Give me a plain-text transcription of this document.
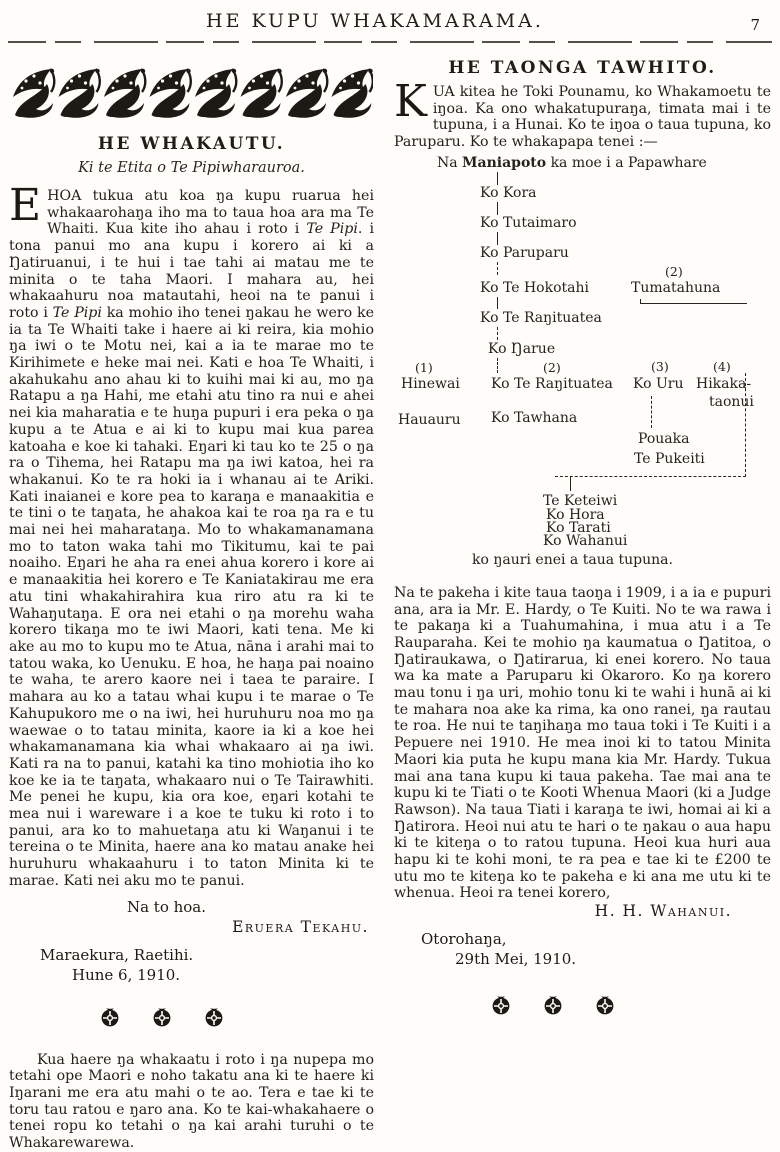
HE KUPU WHAKAMARAMA.	7
HE WHAKAUTU.
Ki te Etita o Te Pipiwharauroa.

EHOA tukua atu koa ŋa kupu ruarua hei whakaarohaŋa iho ma to taua hoa ara ma Te Whaiti. Kua kite iho ahau i roto i Te Pipi. i tona panui mo ana kupu i korero ai ki a Ŋatiruanui, i te hui i tae tahi ai matau me te minita o te taha Maori. I mahara au, hei whakaahuru noa matautahi, heoi na te panui i roto i Te Pipi ka mohio iho tenei ŋakau he wero ke ia ta Te Whaiti take i haere ai ki reira, kia mohio ŋa iwi o te Motu nei, kai a ia te marae mo te Kirihimete e heke mai nei. Kati e hoa Te Whaiti, i akahukahu ano ahau ki to kuihi mai ki au, mo ŋa Ratapu a ŋa Hahi, me etahi atu tino ra nui e ahei nei kia maharatia e te huŋa pupuri i era peka o ŋa kupu a te Atua e ai ki to kupu mai kua parea katoaha e koe ki tahaki. Eŋari ki tau ko te 25 o ŋa ra o Tihema, hei Ratapu ma ŋa iwi katoa, hei ra whakanui. Ko te ra hoki ia i whanau ai te Ariki. Kati inaianei e kore pea to karaŋa e manaakitia e te tini o te taŋata, he ahakoa kai te roa ŋa ra e tu mai nei hei maharataŋa. Mo to whakamanamana mo to taton waka tahi mo Tikitumu, kai te pai noaiho. Eŋari he aha ra enei ahua korero i kore ai e manaakitia hei korero e Te Kaniatakirau me era atu tini whakahirahira kua riro atu ra ki te Wahaŋutaŋa. E ora nei etahi o ŋa morehu waha korero tikaŋa mo te iwi Maori, kati tena. Me ki ake au mo to kupu mo te Atua, nāna i arahi mai to tatou waka, ko Uenuku. E hoa, he haŋa pai noaino te waha, te arero kaore nei i taea te paraire. I mahara au ko a tatau whai kupu i te marae o Te Kahupukoro me o na iwi, hei huruhuru noa mo ŋa waewae o to tatau minita, kaore ia ki a koe hei whakamanamana kia whai whakaaro ai ŋa iwi. Kati ra na to panui, katahi ka tino mohiotia iho ko koe ke ia te taŋata, whakaaro nui o Te Tairawhiti. Me penei he kupu, kia ora koe, eŋari kotahi te mea nui i wareware i a koe te tuku ki roto i to panui, ara ko to mahuetaŋa atu ki Waŋanui i te tereina o te Minita, haere ana ko matau anake hei huruhuru whakaahuru i to taton Minita ki te marae. Kati nei aku mo te panui.

Na to hoa.
Eruera Tekahu.
Maraekura, Raetihi.
Hune 6, 1910.

Kua haere ŋa whakaatu i roto i ŋa nupepa mo tetahi ope Maori e noho takatu ana ki te haere ki Iŋarani me era atu mahi o te ao. Tera e tae ki te toru tau ratou e ŋaro ana. Ko te kai-whakahaere o tenei ropu ko tetahi o ŋa kai arahi turuhi o te Whakarewarewa.

HE TAONGA TAWHITO.

KUA kitea he Toki Pounamu, ko Whakamoetu te iŋoa. Ka ono whakatupuraŋa, timata mai i te tupuna, i a Hunai. Ko te iŋoa o taua tupuna, ko Paruparu. Ko te whakapapa tenei :—

Na Maniapoto ka moe i a Papawhare
Ko Kora
Ko Tutaimaro
Ko Paruparu
(2)
Ko Te Hokotahi	Tumatahuna
Ko Te Raŋituatea
Ko Ŋarue
(1)	(2)	(3)	(4)
Hinewai Ko Te Raŋituatea Ko Uru Hikaka-
taonui
Hauauru Ko Tawhana
Pouaka
Te Pukeiti
Te Keteiwi
Ko Hora
Ko Tarati
Ko Wahanui
ko ŋauri enei a taua tupuna.

Na te pakeha i kite taua taoŋa i 1909, i a ia e pupuri ana, ara ia Mr. E. Hardy, o Te Kuiti. No te wa rawa i te pakaŋa ki a Tuahumahina, i mua atu i a Te Rauparaha. Kei te mohio ŋa kaumatua o Ŋatitoa, o Ŋatiraukawa, o Ŋatirarua, ki enei korero. No taua wa ka mate a Paruparu ki Okaroro. Ko ŋa korero mau tonu i ŋa uri, mohio tonu ki te wahi i hunā ai ki te mahara noa ake ka rima, ka ono ranei, ŋa rautau te roa. He nui te taŋihaŋa mo taua toki i Te Kuiti i a Pepuere nei 1910. He mea inoi ki to tatou Minita Maori kia puta he kupu mana kia Mr. Hardy. Tukua mai ana tana kupu ki taua pakeha. Tae mai ana te kupu ki te Tiati o te Kooti Whenua Maori (ki a Judge Rawson). Na taua Tiati i karaŋa te iwi, homai ai ki a Ŋatirora. Heoi nui atu te hari o te ŋakau o aua hapu ki te kiteŋa o to ratou tupuna. Heoi kua huri aua hapu ki te kohi moni, te ra pea e tae ki te £200 te utu mo te kiteŋa ko te pakeha e ki ana me utu ki te whenua. Heoi ra tenei korero,

H. H. Wahanui.
Otorohaŋa,
29th Mei, 1910.
